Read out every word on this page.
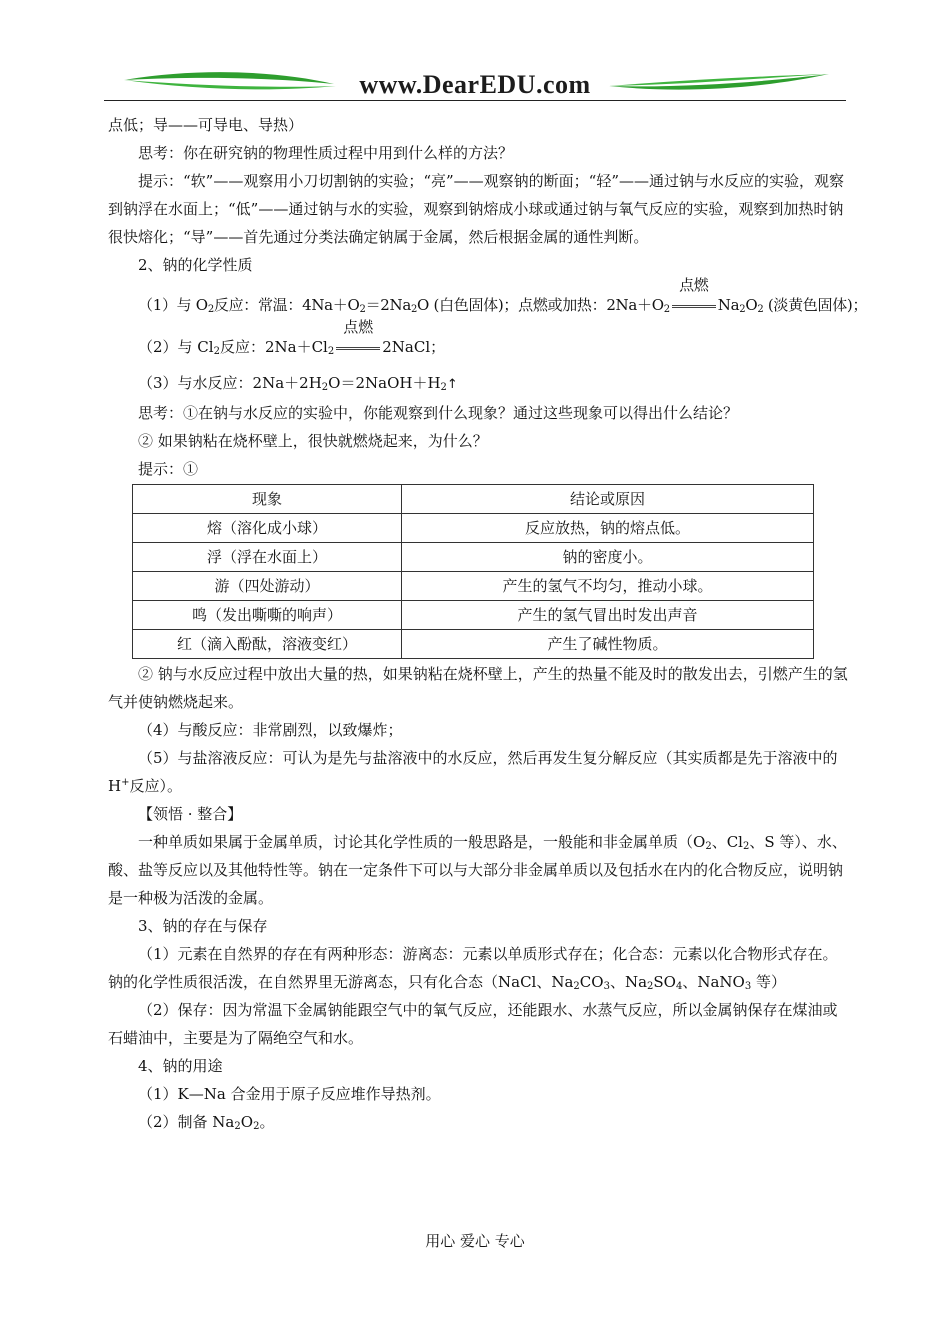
www.DearEDU.com

点低；导——可导电、导热）

思考：你在研究钠的物理性质过程中用到什么样的方法？

提示：“软”——观察用小刀切割钠的实验；“亮”——观察钠的断面；“轻”——通过钠与水反应的实验，观察到钠浮在水面上；“低”——通过钠与水的实验，观察到钠熔成小球或通过钠与氧气反应的实验，观察到加热时钠很快熔化；“导”——首先通过分类法确定钠属于金属，然后根据金属的通性判断。

2、钠的化学性质

（1）与 $O_2$反应：常温：$4Na+O_2=2Na_2O$ (白色固体)；点燃或加热：$2Na+O_2$
点燃
$Na_2O_2$ (淡黄色固体)；

（2）与 $Cl_2$反应：$2Na+Cl_2$
点燃
2NaCl；

（3）与水反应：$2Na+2H_2O=2NaOH+H_2↑$

思考：①在钠与水反应的实验中，你能观察到什么现象？通过这些现象可以得出什么结论？

② 如果钠粘在烧杯壁上，很快就燃烧起来，为什么？

提示：①

现象	结论或原因
熔（溶化成小球）	反应放热，钠的熔点低。
浮（浮在水面上）	钠的密度小。
游（四处游动）	产生的氢气不均匀，推动小球。
鸣（发出嘶嘶的响声）	产生的氢气冒出时发出声音
红（滴入酚酞，溶液变红）	产生了碱性物质。

② 钠与水反应过程中放出大量的热，如果钠粘在烧杯壁上，产生的热量不能及时的散发出去，引燃产生的氢气并使钠燃烧起来。

（4）与酸反应：非常剧烈，以致爆炸；

（5）与盐溶液反应：可认为是先与盐溶液中的水反应，然后再发生复分解反应（其实质都是先于溶液中的 H+反应）。

【领悟 · 整合】

一种单质如果属于金属单质，讨论其化学性质的一般思路是，一般能和非金属单质（$O_2$、$Cl_2$、S 等）、水、酸、盐等反应以及其他特性等。钠在一定条件下可以与大部分非金属单质以及包括水在内的化合物反应，说明钠是一种极为活泼的金属。

3、钠的存在与保存

（1）元素在自然界的存在有两种形态：游离态：元素以单质形式存在；化合态：元素以化合物形式存在。钠的化学性质很活泼，在自然界里无游离态，只有化合态（NaCl、$Na_2CO_3$、$Na_2SO_4$、NaNO$_3$ 等）

（2）保存：因为常温下金属钠能跟空气中的氧气反应，还能跟水、水蒸气反应，所以金属钠保存在煤油或石蜡油中，主要是为了隔绝空气和水。

4、钠的用途

（1）K—Na 合金用于原子反应堆作导热剂。

（2）制备 $Na_2O_2$。

用心 爱心 专心
